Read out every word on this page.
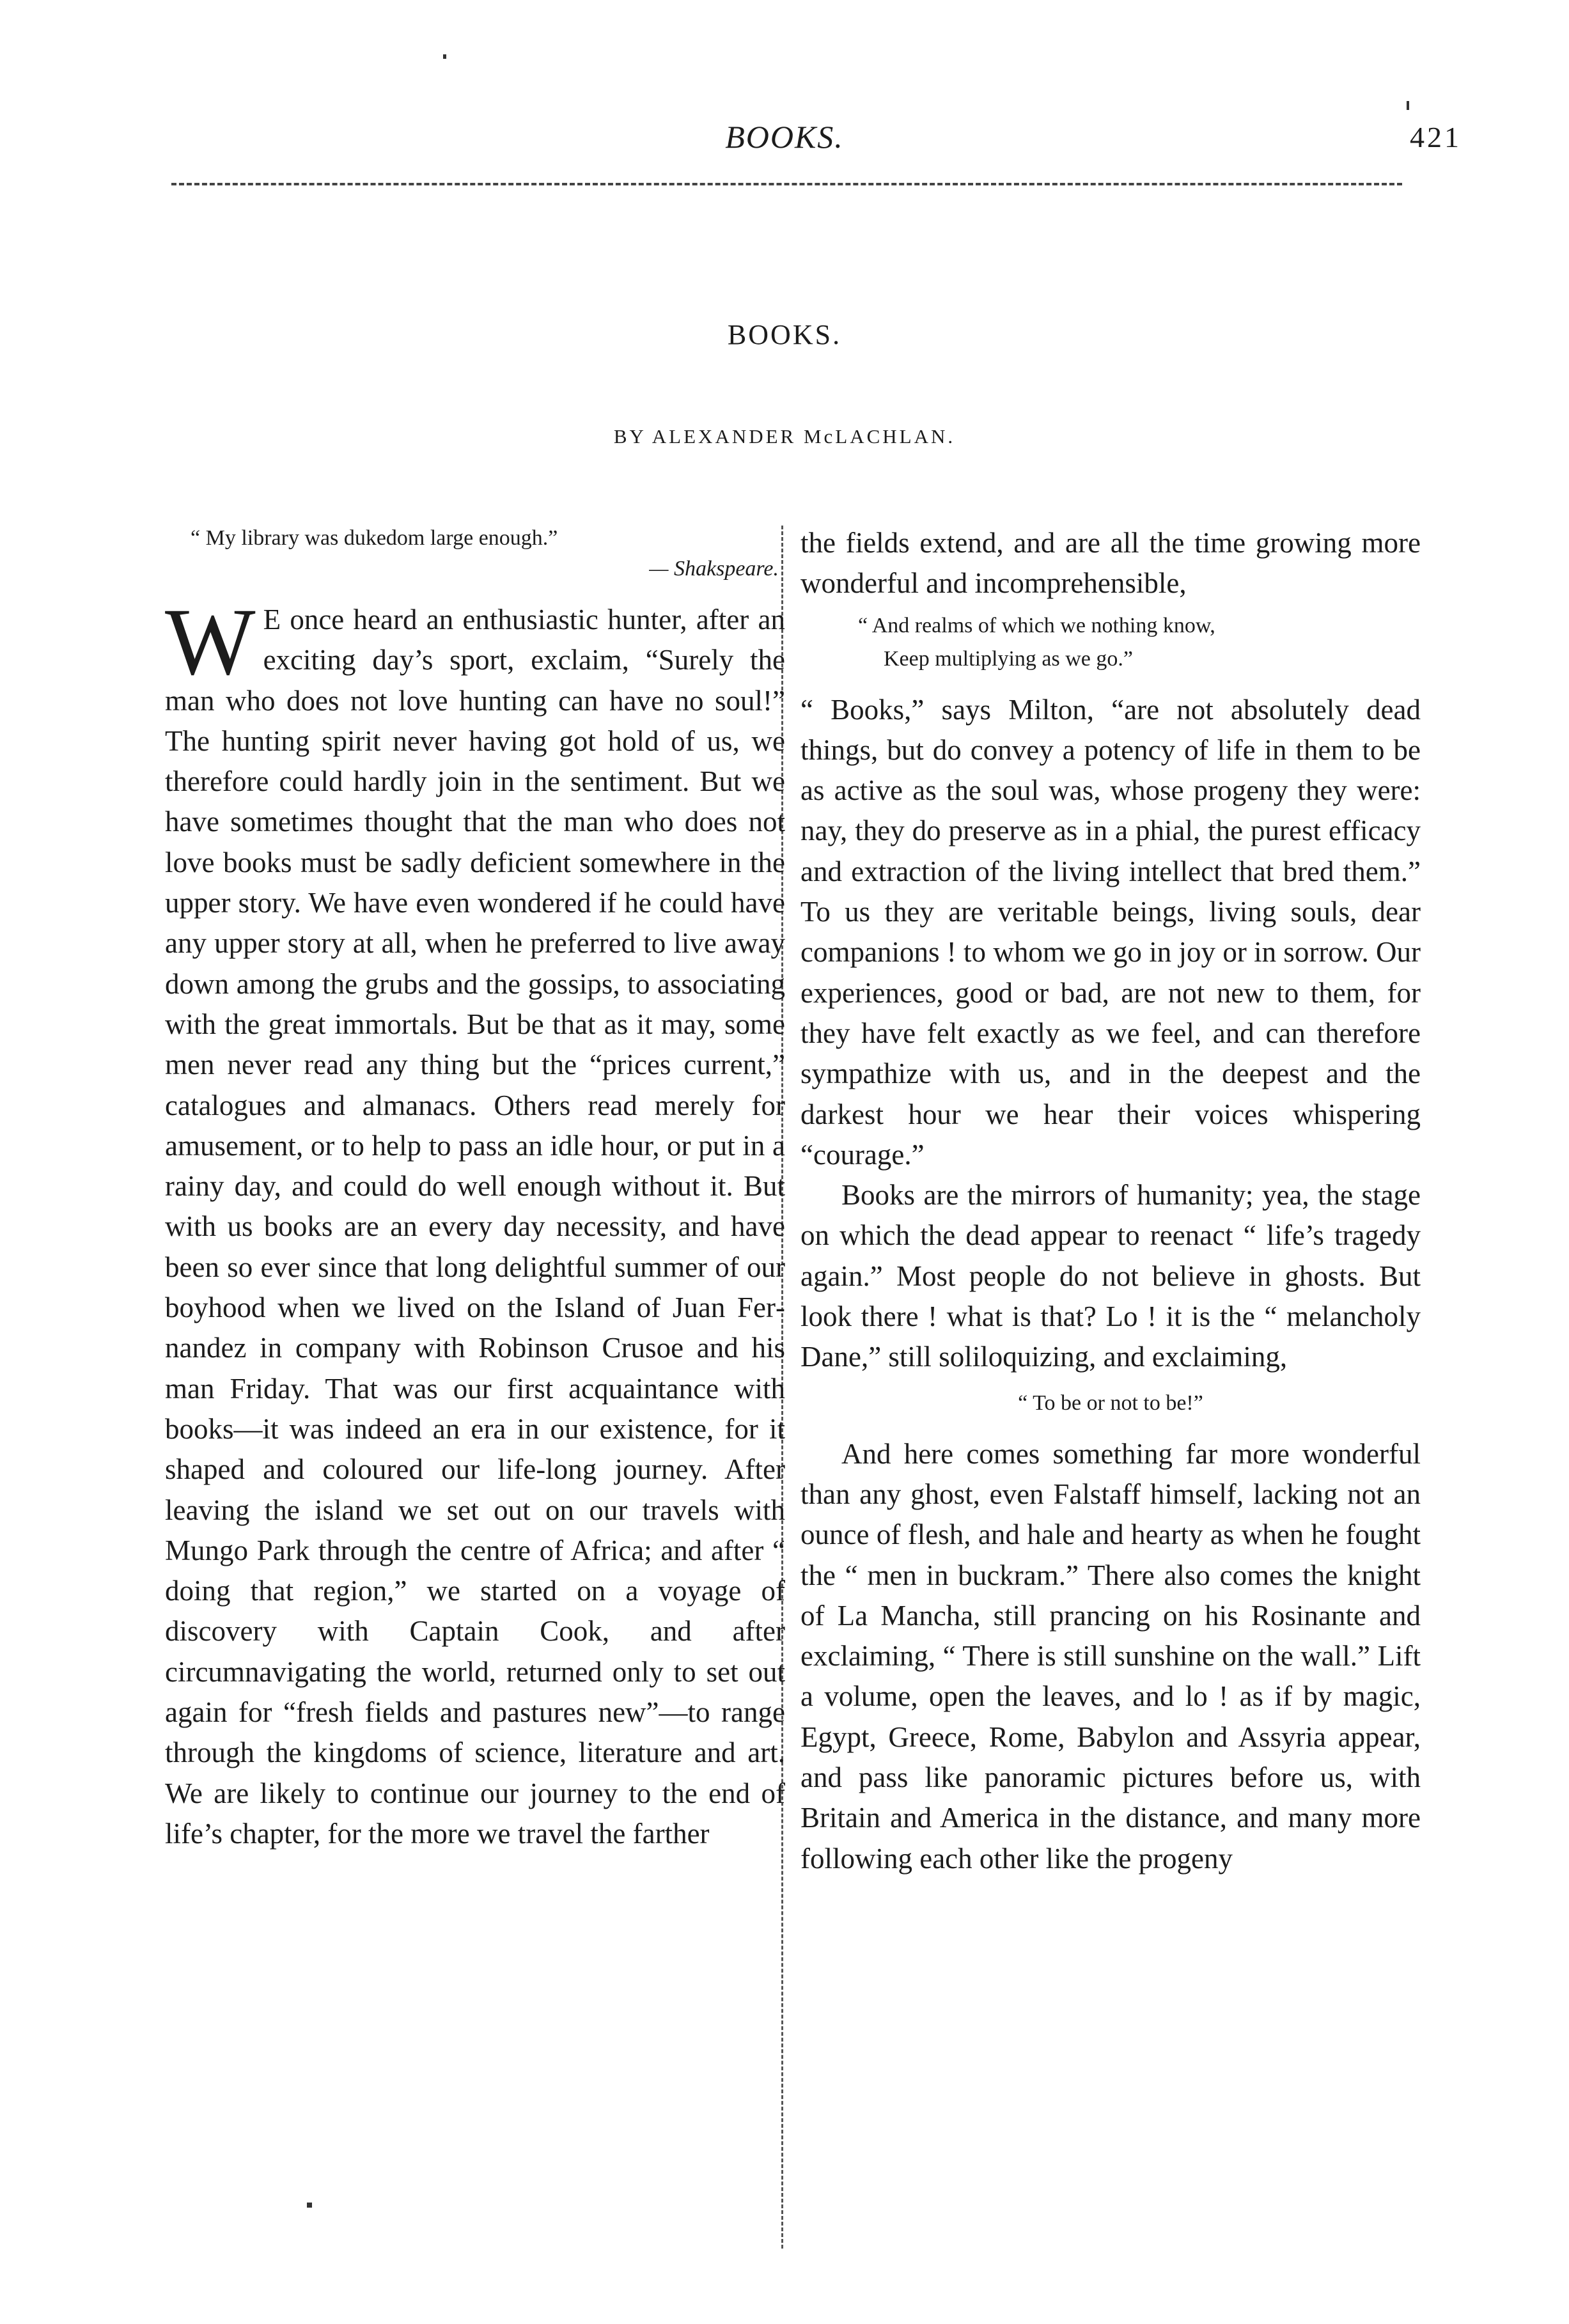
BOOKS.	421
BOOKS.
BY ALEXANDER McLACHLAN.
“ My library was dukedom large enough.”
— Shakspeare.

W E once heard an enthusiastic hunter, after an exciting day’s sport, exclaim, “Surely the man who does not love hunting can have no soul!” The hunting spirit never having got hold of us, we therefore could hardly join in the sentiment. But we have sometimes thought that the man who does not love books must be sadly deficient somewhere in the upper story. We have even wondered if he could have any upper story at all, when he preferred to live away down among the grubs and the gossips, to associating with the great immortals. But be that as it may, some men never read any thing but the “prices current,” catalogues and almanacs. Others read merely for amusement, or to help to pass an idle hour, or put in a rainy day, and could do well enough without it. But with us books are an every day necessity, and have been so ever since that long delightful summer of our boyhood when we lived on the Island of Juan Fernandez in company with Robinson Crusoe and his man Friday. That was our first acquaintance with books—it was indeed an era in our existence, for it shaped and coloured our life-long journey. After leaving the island we set out on our travels with Mungo Park through the centre of Africa; and after “ doing that region,” we started on a voyage of discovery with Captain Cook, and after circumnavigating the world, returned only to set out again for “fresh fields and pastures new”—to range through the kingdoms of science, literature and art. We are likely to continue our journey to the end of life’s chapter, for the more we travel the farther

the fields extend, and are all the time growing more wonderful and incomprehensible,

“ And realms of which we nothing know,
Keep multiplying as we go.”

“ Books,” says Milton, “are not absolutely dead things, but do convey a potency of life in them to be as active as the soul was, whose progeny they were: nay, they do preserve as in a phial, the purest efficacy and extraction of the living intellect that bred them.” To us they are veritable beings, living souls, dear companions ! to whom we go in joy or in sorrow. Our experiences, good or bad, are not new to them, for they have felt exactly as we feel, and can therefore sympathize with us, and in the deepest and the darkest hour we hear their voices whispering “courage.”

Books are the mirrors of humanity; yea, the stage on which the dead appear to reenact “ life’s tragedy again.” Most people do not believe in ghosts. But look there ! what is that? Lo ! it is the “ melancholy Dane,” still soliloquizing, and exclaiming,

“ To be or not to be!”

And here comes something far more wonderful than any ghost, even Falstaff himself, lacking not an ounce of flesh, and hale and hearty as when he fought the “ men in buckram.” There also comes the knight of La Mancha, still prancing on his Rosinante and exclaiming, “ There is still sunshine on the wall.” Lift a volume, open the leaves, and lo ! as if by magic, Egypt, Greece, Rome, Babylon and Assyria appear, and pass like panoramic pictures before us, with Britain and America in the distance, and many more following each other like the progeny
